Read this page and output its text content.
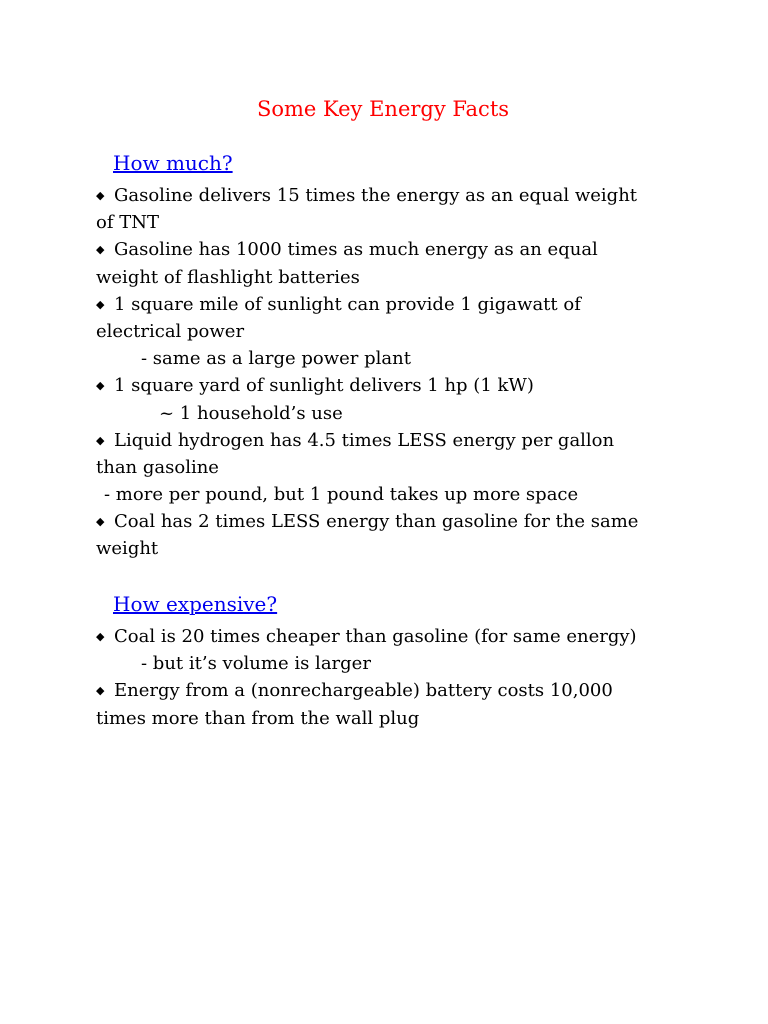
Some Key Energy Facts
How much?
◆ Gasoline delivers 15 times the energy as an equal weight
of TNT
◆ Gasoline has 1000 times as much energy as an equal
weight of flashlight batteries
◆ 1 square mile of sunlight can provide 1 gigawatt of
electrical power
- same as a large power plant
◆ 1 square yard of sunlight delivers 1 hp (1 kW)
~ 1 household’s use
◆ Liquid hydrogen has 4.5 times LESS energy per gallon
than gasoline
- more per pound, but 1 pound takes up more space
◆ Coal has 2 times LESS energy than gasoline for the same
weight
How expensive?
◆ Coal is 20 times cheaper than gasoline (for same energy)
- but it’s volume is larger
◆ Energy from a (nonrechargeable) battery costs 10,000
times more than from the wall plug
